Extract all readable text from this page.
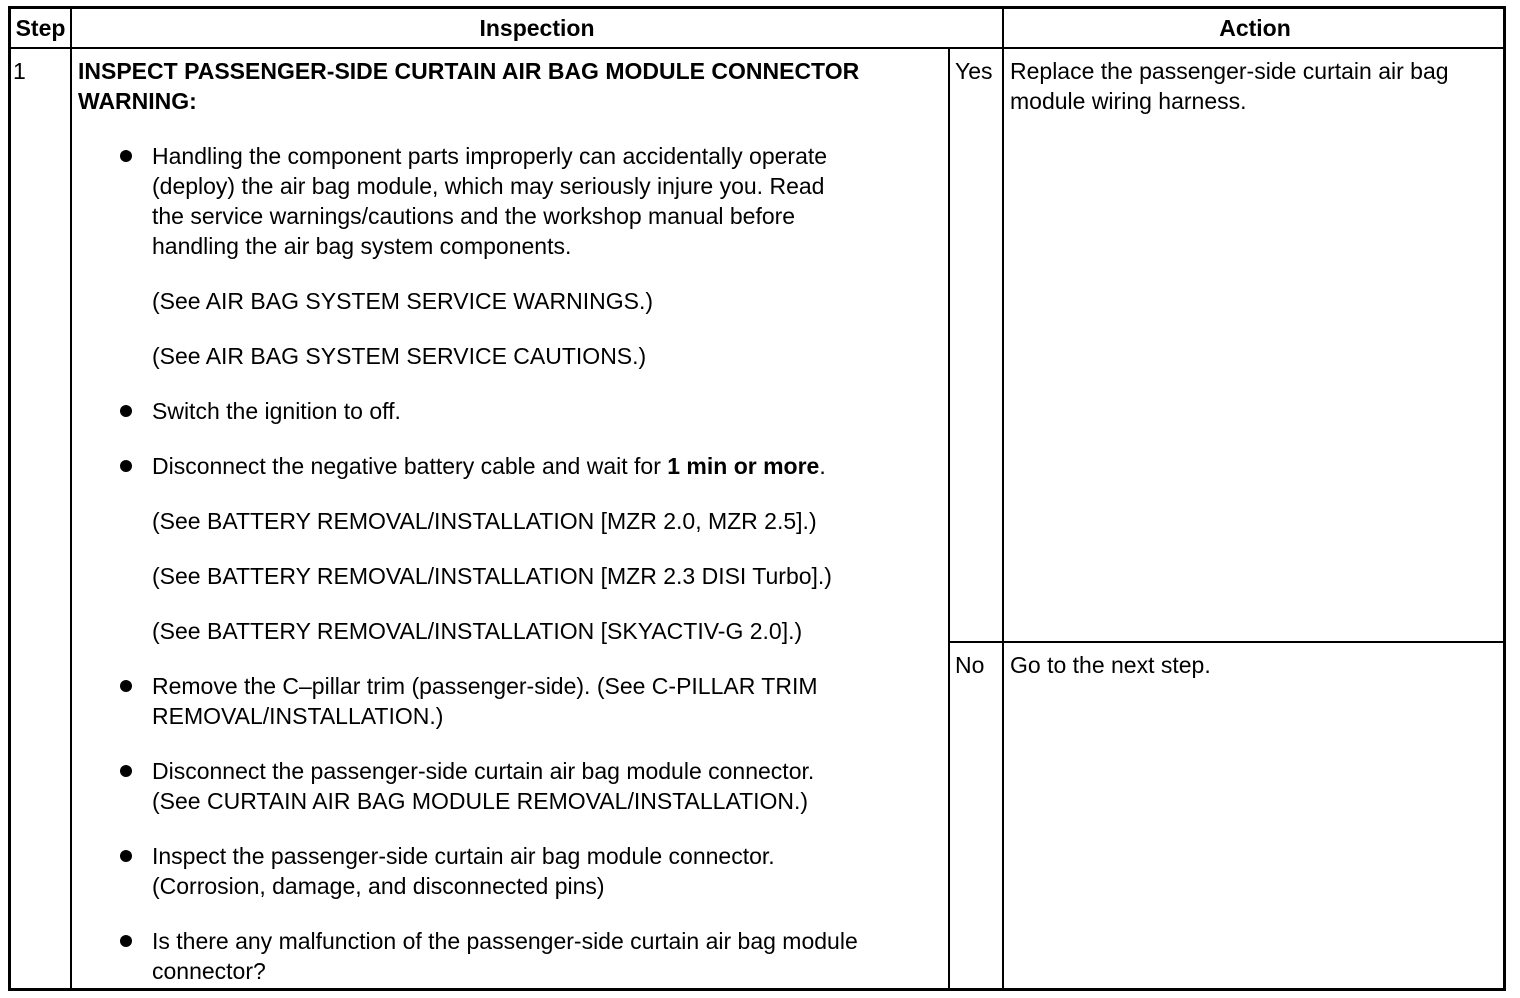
Step	Inspection	Action
1 INSPECT PASSENGER-SIDE CURTAIN AIR BAG MODULE CONNECTOR
WARNING:
Handling the component parts improperly can accidentally operate
(deploy) the air bag module, which may seriously injure you. Read
the service warnings/cautions and the workshop manual before
handling the air bag system components.
(See AIR BAG SYSTEM SERVICE WARNINGS.)
(See AIR BAG SYSTEM SERVICE CAUTIONS.)
Switch the ignition to off.
Disconnect the negative battery cable and wait for 1 min or more.
(See BATTERY REMOVAL/INSTALLATION [MZR 2.0, MZR 2.5].)
(See BATTERY REMOVAL/INSTALLATION [MZR 2.3 DISI Turbo].)
(See BATTERY REMOVAL/INSTALLATION [SKYACTIV-G 2.0].)
Remove the C–pillar trim (passenger-side). (See C-PILLAR TRIM
REMOVAL/INSTALLATION.)
Disconnect the passenger-side curtain air bag module connector.
(See CURTAIN AIR BAG MODULE REMOVAL/INSTALLATION.)
Inspect the passenger-side curtain air bag module connector.
(Corrosion, damage, and disconnected pins)
Is there any malfunction of the passenger-side curtain air bag module
connector?
Yes Replace the passenger-side curtain air bag
module wiring harness.
No Go to the next step.
